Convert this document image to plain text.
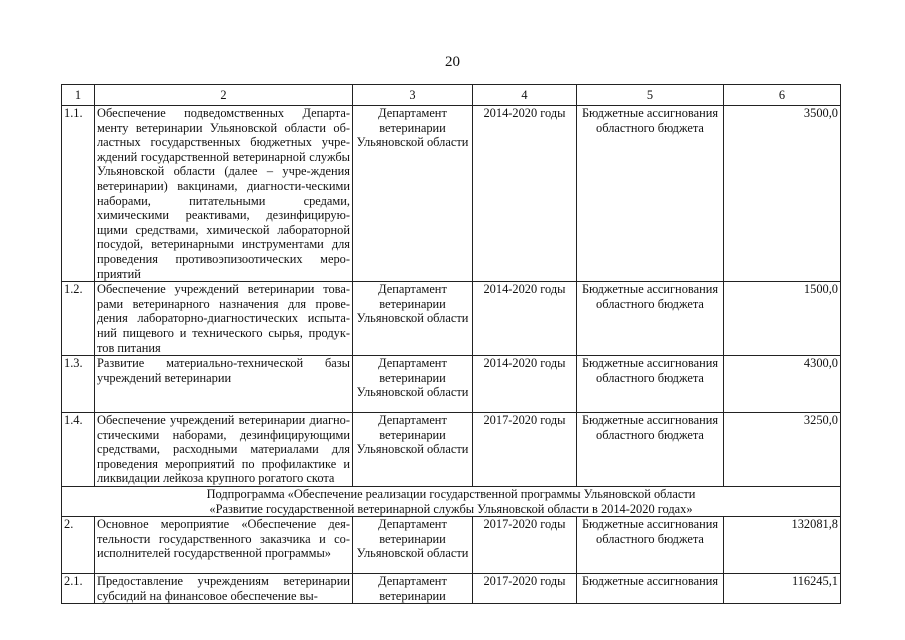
20
1	2	3	4	5	6
1.1.	Обеспечение подведомственных Департа-менту ветеринарии Ульяновской области об-ластных государственных бюджетных учре-ждений государственной ветеринарной службы Ульяновской области (далее – учре-ждения ветеринарии) вакцинами, диагности-ческими наборами, питательными средами, химическими реактивами, дезинфицирую-щими средствами, химической лабораторной посудой, ветеринарными инструментами для проведения противоэпизоотических меро-приятий	Департамент ветеринарии Ульяновской области	2014-2020 годы	Бюджетные ассигнования областного бюджета	3500,0
1.2.	Обеспечение учреждений ветеринарии това-рами ветеринарного назначения для прове-дения лабораторно-диагностических испыта-ний пищевого и технического сырья, продук-тов питания	Департамент ветеринарии Ульяновской области	2014-2020 годы	Бюджетные ассигнования областного бюджета	1500,0
1.3.	Развитие материально-технической базы учреждений ветеринарии	Департамент ветеринарии Ульяновской области	2014-2020 годы	Бюджетные ассигнования областного бюджета	4300,0
1.4.	Обеспечение учреждений ветеринарии диагно-стическими наборами, дезинфицирующими средствами, расходными материалами для проведения мероприятий по профилактике и ликвидации лейкоза крупного рогатого скота	Департамент ветеринарии Ульяновской области	2017-2020 годы	Бюджетные ассигнования областного бюджета	3250,0

Подпрограмма «Обеспечение реализации государственной программы Ульяновской области
«Развитие государственной ветеринарной службы Ульяновской области в 2014-2020 годах»					

2.	Основное мероприятие «Обеспечение дея-тельности государственного заказчика и со-исполнителей государственной программы»	Департамент ветеринарии Ульяновской области	2017-2020 годы	Бюджетные ассигнования областного бюджета	132081,8
2.1.	Предоставление учреждениям ветеринарии субсидий на финансовое обеспечение вы-	Департамент ветеринарии	2017-2020 годы	Бюджетные ассигнования	116245,1
